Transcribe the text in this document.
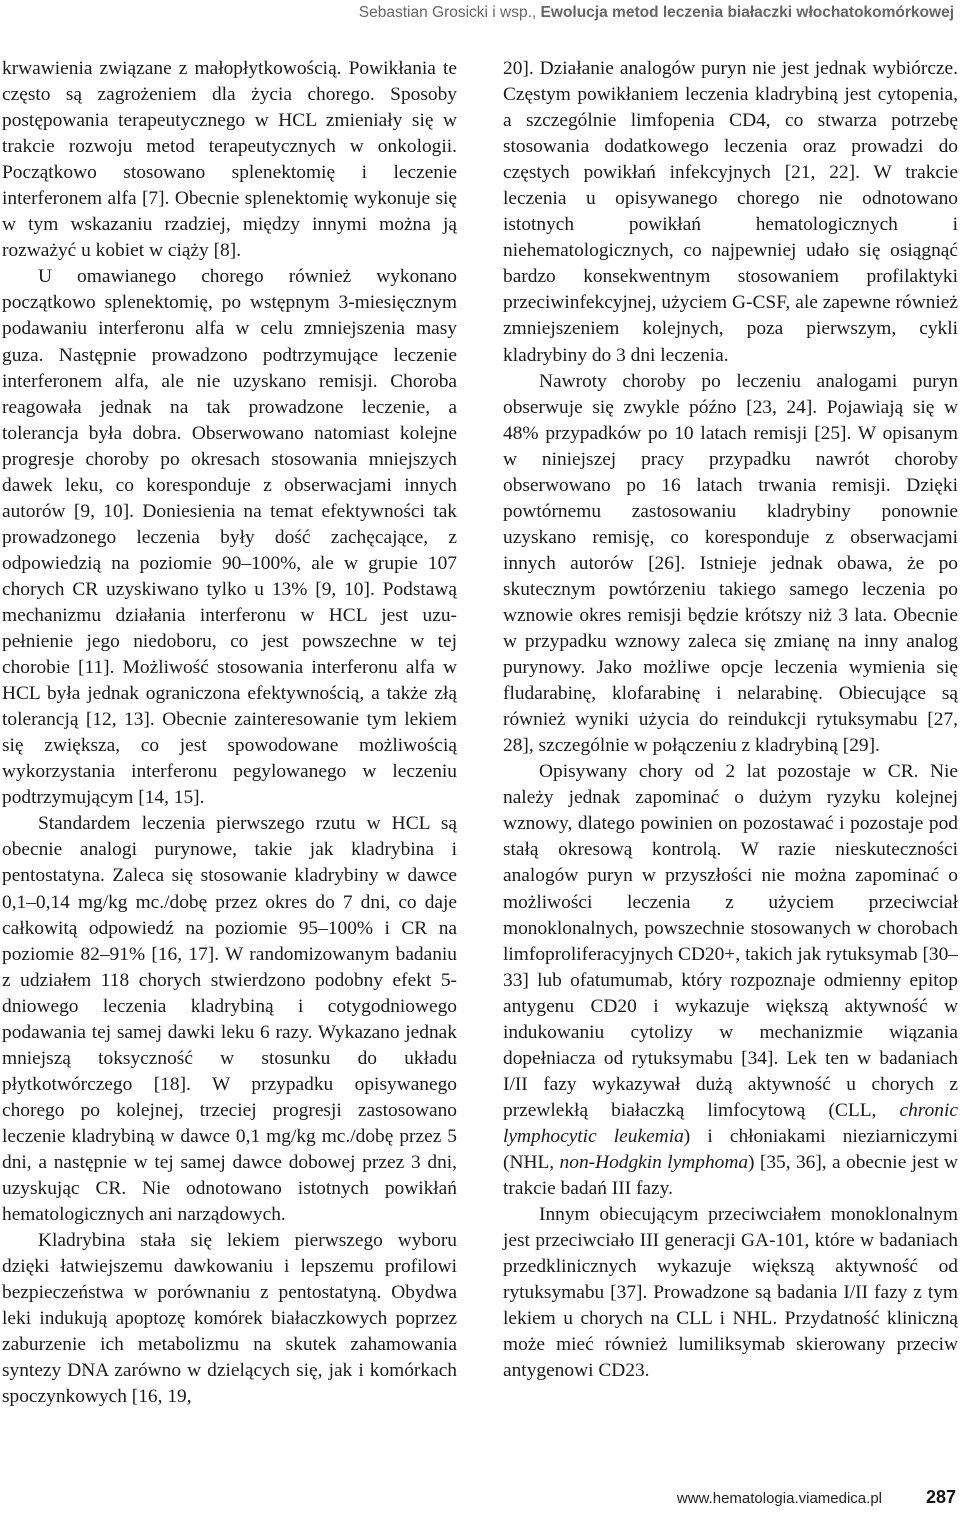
Sebastian Grosicki i wsp., Ewolucja metod leczenia białaczki włochatokomórkowej

krwawienia związane z małopłytkowością. Powikłania te często są zagrożeniem dla życia chorego. Sposoby postępowania terapeutycznego w HCL zmieniały się w trakcie rozwoju metod terapeutycznych w onkologii. Początkowo stosowano splenektomię i leczenie interferonem alfa [7]. Obecnie splenektomię wykonuje się w tym wskazaniu rzadziej, między innymi można ją rozważyć u kobiet w ciąży [8].

U omawianego chorego również wykonano początkowo splenektomię, po wstępnym 3-miesięcznym podawaniu interferonu alfa w celu zmniejszenia masy guza. Następnie prowadzono podtrzymujące leczenie interferonem alfa, ale nie uzyskano remisji. Choroba reagowała jednak na tak prowadzone leczenie, a tolerancja była dobra. Obserwowano natomiast kolejne progresje choroby po okresach stosowania mniejszych dawek leku, co koresponduje z obserwacjami innych autorów [9, 10]. Doniesienia na temat efektywności tak prowadzonego leczenia były dość zachęcające, z odpowiedzią na poziomie 90–100%, ale w grupie 107 chorych CR uzyskiwano tylko u 13% [9, 10]. Podstawą mechanizmu działania interferonu w HCL jest uzupełnienie jego niedoboru, co jest powszechne w tej chorobie [11]. Możliwość stosowania interferonu alfa w HCL była jednak ograniczona efektywnością, a także złą tolerancją [12, 13]. Obecnie zainteresowanie tym lekiem się zwiększa, co jest spowodowane możliwością wykorzystania interferonu pegylowanego w leczeniu podtrzymującym [14, 15].

Standardem leczenia pierwszego rzutu w HCL są obecnie analogi purynowe, takie jak kladrybina i pentostatyna. Zaleca się stosowanie kladrybiny w dawce 0,1–0,14 mg/kg mc./dobę przez okres do 7 dni, co daje całkowitą odpowiedź na poziomie 95–100% i CR na poziomie 82–91% [16, 17]. W randomizowanym badaniu z udziałem 118 chorych stwierdzono podobny efekt 5-dniowego leczenia kladrybiną i cotygodniowego podawania tej samej dawki leku 6 razy. Wykazano jednak mniejszą toksyczność w stosunku do układu płytkotwórczego [18]. W przypadku opisywanego chorego po kolejnej, trzeciej progresji zastosowano leczenie kladrybiną w dawce 0,1 mg/kg mc./dobę przez 5 dni, a następnie w tej samej dawce dobowej przez 3 dni, uzyskując CR. Nie odnotowano istotnych powikłań hematologicznych ani narządowych.

Kladrybina stała się lekiem pierwszego wyboru dzięki łatwiejszemu dawkowaniu i lepszemu profilowi bezpieczeństwa w porównaniu z pentostatyną. Obydwa leki indukują apoptozę komórek białaczkowych poprzez zaburzenie ich metabolizmu na skutek zahamowania syntezy DNA zarówno w dzielących się, jak i komórkach spoczynkowych [16, 19,

20]. Działanie analogów puryn nie jest jednak wybiórcze. Częstym powikłaniem leczenia kladrybiną jest cytopenia, a szczególnie limfopenia CD4, co stwarza potrzebę stosowania dodatkowego leczenia oraz prowadzi do częstych powikłań infekcyjnych [21, 22]. W trakcie leczenia u opisywanego chorego nie odnotowano istotnych powikłań hematologicznych i niehematologicznych, co najpewniej udało się osiągnąć bardzo konsekwentnym stosowaniem profilaktyki przeciwinfekcyjnej, użyciem G-CSF, ale zapewne również zmniejszeniem kolejnych, poza pierwszym, cykli kladrybiny do 3 dni leczenia.

Nawroty choroby po leczeniu analogami puryn obserwuje się zwykle późno [23, 24]. Pojawiają się w 48% przypadków po 10 latach remisji [25]. W opisanym w niniejszej pracy przypadku nawrót choroby obserwowano po 16 latach trwania remisji. Dzięki powtórnemu zastosowaniu kladrybiny ponownie uzyskano remisję, co koresponduje z obserwacjami innych autorów [26]. Istnieje jednak obawa, że po skutecznym powtórzeniu takiego samego leczenia po wznowie okres remisji będzie krótszy niż 3 lata. Obecnie w przypadku wznowy zaleca się zmianę na inny analog purynowy. Jako możliwe opcje leczenia wymienia się fludarabinę, klofarabinę i nelarabinę. Obiecujące są również wyniki użycia do reindukcji rytuksymabu [27, 28], szczególnie w połączeniu z kladrybiną [29].

Opisywany chory od 2 lat pozostaje w CR. Nie należy jednak zapominać o dużym ryzyku kolejnej wznowy, dlatego powinien on pozostawać i pozostaje pod stałą okresową kontrolą. W razie nieskuteczności analogów puryn w przyszłości nie można zapominać o możliwości leczenia z użyciem przeciwciał monoklonalnych, powszechnie stosowanych w chorobach limfoproliferacyjnych CD20+, takich jak rytuksymab [30–33] lub ofatumumab, który rozpoznaje odmienny epitop antygenu CD20 i wykazuje większą aktywność w indukowaniu cytolizy w mechanizmie wiązania dopełniacza od rytuksymabu [34]. Lek ten w badaniach I/II fazy wykazywał dużą aktywność u chorych z przewlekłą białaczką limfocytową (CLL, chronic lymphocytic leukemia) i chłoniakami nieziarniczymi (NHL, non-Hodgkin lymphoma) [35, 36], a obecnie jest w trakcie badań III fazy.

Innym obiecującym przeciwciałem monoklonalnym jest przeciwciało III generacji GA-101, które w badaniach przedklinicznych wykazuje większą aktywność od rytuksymabu [37]. Prowadzone są badania I/II fazy z tym lekiem u chorych na CLL i NHL. Przydatność kliniczną może mieć również lumiliksymab skierowany przeciw antygenowi CD23.

www.hematologia.viamedica.pl 287
